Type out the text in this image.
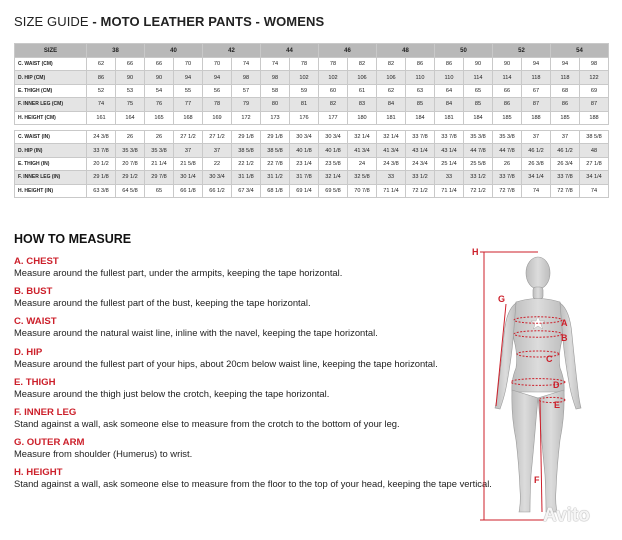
SIZE GUIDE - MOTO LEATHER PANTS - WOMENS
SIZE	38		40		42		44		46		48		50		52		54	
C. WAIST (CM)	62	66	66	70	70	74	74	78	78	82	82	86	86	90	90	94	94	98
D. HIP (CM)	86	90	90	94	94	98	98	102	102	106	106	110	110	114	114	118	118	122
E. THIGH (CM)	52	53	54	55	56	57	58	59	60	61	62	63	64	65	66	67	68	69
F. INNER LEG (CM)	74	75	76	77	78	79	80	81	82	83	84	85	84	85	86	87	86	87
H. HEIGHT (CM)	161	164	165	168	169	172	173	176	177	180	181	184	181	184	185	188	185	188

C. WAIST (IN)	24 3/8	26	26	27 1/2	27 1/2	29 1/8	29 1/8	30 3/4	30 3/4	32 1/4	32 1/4	33 7/8	33 7/8	35 3/8	35 3/8	37	37	38 5/8
D. HIP (IN)	33 7/8	35 3/8	35 3/8	37	37	38 5/8	38 5/8	40 1/8	40 1/8	41 3/4	41 3/4	43 1/4	43 1/4	44 7/8	44 7/8	46 1/2	46 1/2	48
E. THIGH (IN)	20 1/2	20 7/8	21 1/4	21 5/8	22	22 1/2	22 7/8	23 1/4	23 5/8	24	24 3/8	24 3/4	25 1/4	25 5/8	26	26 3/8	26 3/4	27 1/8
F. INNER LEG (IN)	29 1/8	29 1/2	29 7/8	30 1/4	30 3/4	31 1/8	31 1/2	31 7/8	32 1/4	32 5/8	33	33 1/2	33	33 1/2	33 7/8	34 1/4	33 7/8	34 1/4
H. HEIGHT (IN)	63 3/8	64 5/8	65	66 1/8	66 1/2	67 3/4	68 1/8	69 1/4	69 5/8	70 7/8	71 1/4	72 1/2	71 1/4	72 1/2	72 7/8	74	72 7/8	74
HOW TO MEASURE
A. CHEST
Measure around the fullest part, under the armpits, keeping the tape horizontal.
B. BUST
Measure around the fullest part of the bust, keeping the tape horizontal.
C. WAIST
Measure around the natural waist line, inline with the navel, keeping the tape horizontal.
D. HIP
Measure around the fullest part of your hips, about 20cm below waist line, keeping the tape horizontal.
E. THIGH
Measure around the thigh just below the crotch, keeping the tape horizontal.
F. INNER LEG
Stand against a wall, ask someone else to measure from the crotch to the bottom of your leg.
G. OUTER ARM
Measure from shoulder (Humerus) to wrist.
H. HEIGHT
Stand against a wall, ask someone else to measure from the floor to the top of your head, keeping the tape vertical.
H
G
A
B
C
D
E
F
Avito
